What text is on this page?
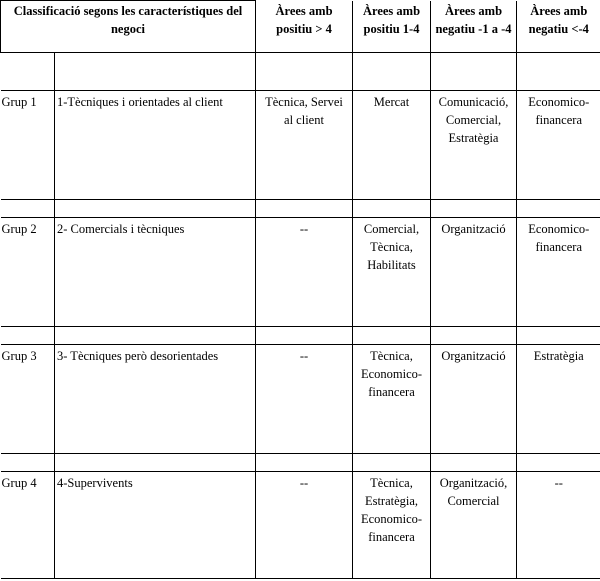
Classificació segons les característiques del negoci		Àrees amb positiu > 4	Àrees amb positiu 1-4	Àrees amb negatiu -1 a -4	Àrees amb negatiu <-4

Grup 1	1-Tècniques i orientades al client	Tècnica, Servei
al client	Mercat	Comunicació,
Comercial,
Estratègia	Economico-
financera

Grup 2	2- Comercials i tècniques	--	Comercial,
Tècnica,
Habilitats	Organització	Economico-
financera

Grup 3	3- Tècniques però desorientades	--	Tècnica,
Economico-
financera	Organització	Estratègia

Grup 4	4-Supervivents	--	Tècnica,
Estratègia,
Economico-
financera	Organització,
Comercial	--
